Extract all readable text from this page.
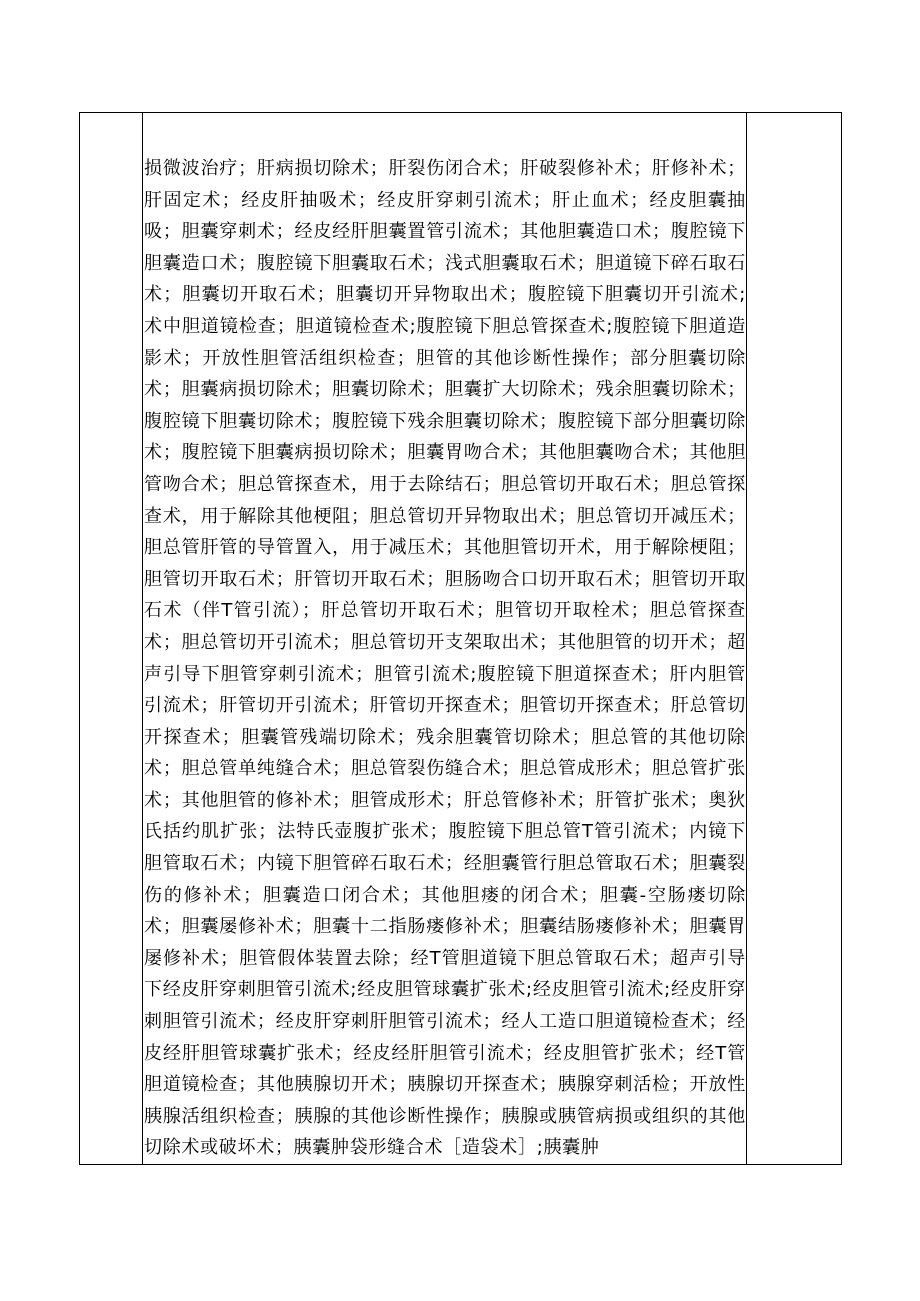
损微波治疗；肝病损切除术；肝裂伤闭合术；肝破裂修补术；肝修补术；肝固定术；经皮肝抽吸术；经皮肝穿刺引流术；肝止血术；经皮胆囊抽吸；胆囊穿刺术；经皮经肝胆囊置管引流术；其他胆囊造口术；腹腔镜下胆囊造口术；腹腔镜下胆囊取石术；浅式胆囊取石术；胆道镜下碎石取石术；胆囊切开取石术；胆囊切开异物取出术；腹腔镜下胆囊切开引流术;术中胆道镜检查；胆道镜检查术;腹腔镜下胆总管探查术;腹腔镜下胆道造影术；开放性胆管活组织检查；胆管的其他诊断性操作；部分胆囊切除术；胆囊病损切除术；胆囊切除术；胆囊扩大切除术；残余胆囊切除术；腹腔镜下胆囊切除术；腹腔镜下残余胆囊切除术；腹腔镜下部分胆囊切除术；腹腔镜下胆囊病损切除术；胆囊胃吻合术；其他胆囊吻合术；其他胆管吻合术；胆总管探查术，用于去除结石；胆总管切开取石术；胆总管探查术，用于解除其他梗阻；胆总管切开异物取出术；胆总管切开减压术；胆总管肝管的导管置入，用于减压术；其他胆管切开术，用于解除梗阻；胆管切开取石术；肝管切开取石术；胆肠吻合口切开取石术；胆管切开取石术（伴T管引流）；肝总管切开取石术；胆管切开取栓术；胆总管探查术；胆总管切开引流术；胆总管切开支架取出术；其他胆管的切开术；超声引导下胆管穿刺引流术；胆管引流术;腹腔镜下胆道探查术；肝内胆管引流术；肝管切开引流术；肝管切开探查术；胆管切开探查术；肝总管切开探查术；胆囊管残端切除术；残余胆囊管切除术；胆总管的其他切除术；胆总管单纯缝合术；胆总管裂伤缝合术；胆总管成形术；胆总管扩张术；其他胆管的修补术；胆管成形术；肝总管修补术；肝管扩张术；奥狄氏括约肌扩张；法特氏壶腹扩张术；腹腔镜下胆总管T管引流术；内镜下胆管取石术；内镜下胆管碎石取石术；经胆囊管行胆总管取石术；胆囊裂伤的修补术；胆囊造口闭合术；其他胆瘘的闭合术；胆囊-空肠瘘切除术；胆囊屡修补术；胆囊十二指肠瘘修补术；胆囊结肠瘘修补术；胆囊胃屡修补术；胆管假体装置去除；经T管胆道镜下胆总管取石术；超声引导下经皮肝穿刺胆管引流术;经皮胆管球囊扩张术;经皮胆管引流术;经皮肝穿刺胆管引流术；经皮肝穿刺肝胆管引流术；经人工造口胆道镜检查术；经皮经肝胆管球囊扩张术；经皮经肝胆管引流术；经皮胆管扩张术；经T管胆道镜检查；其他胰腺切开术；胰腺切开探查术；胰腺穿刺活检；开放性胰腺活组织检查；胰腺的其他诊断性操作；胰腺或胰管病损或组织的其他切除术或破坏术；胰囊肿袋形缝合术［造袋术］;胰囊肿
